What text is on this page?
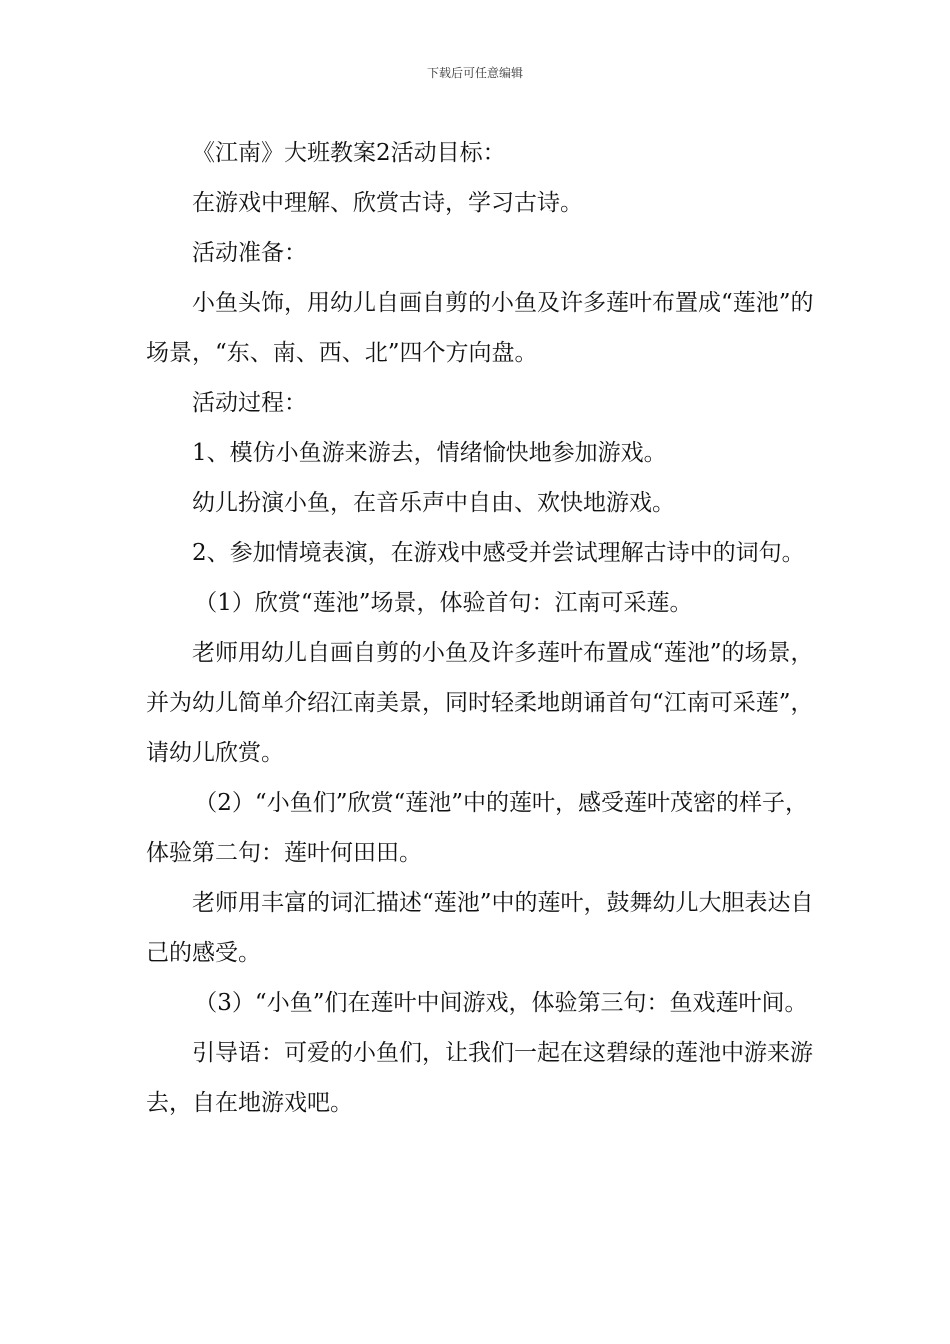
下载后可任意编辑

《江南》大班教案2活动目标：

在游戏中理解、欣赏古诗，学习古诗。

活动准备：

小鱼头饰，用幼儿自画自剪的小鱼及许多莲叶布置成“莲池”的场景，“东、南、西、北”四个方向盘。

活动过程：

1、模仿小鱼游来游去，情绪愉快地参加游戏。

幼儿扮演小鱼，在音乐声中自由、欢快地游戏。

2、参加情境表演，在游戏中感受并尝试理解古诗中的词句。

（1）欣赏“莲池”场景，体验首句：江南可采莲。

老师用幼儿自画自剪的小鱼及许多莲叶布置成“莲池”的场景，并为幼儿简单介绍江南美景，同时轻柔地朗诵首句“江南可采莲”，请幼儿欣赏。

（2）“小鱼们”欣赏“莲池”中的莲叶，感受莲叶茂密的样子，体验第二句：莲叶何田田。

老师用丰富的词汇描述“莲池”中的莲叶，鼓舞幼儿大胆表达自己的感受。

（3）“小鱼”们在莲叶中间游戏，体验第三句：鱼戏莲叶间。

引导语：可爱的小鱼们，让我们一起在这碧绿的莲池中游来游去，自在地游戏吧。
